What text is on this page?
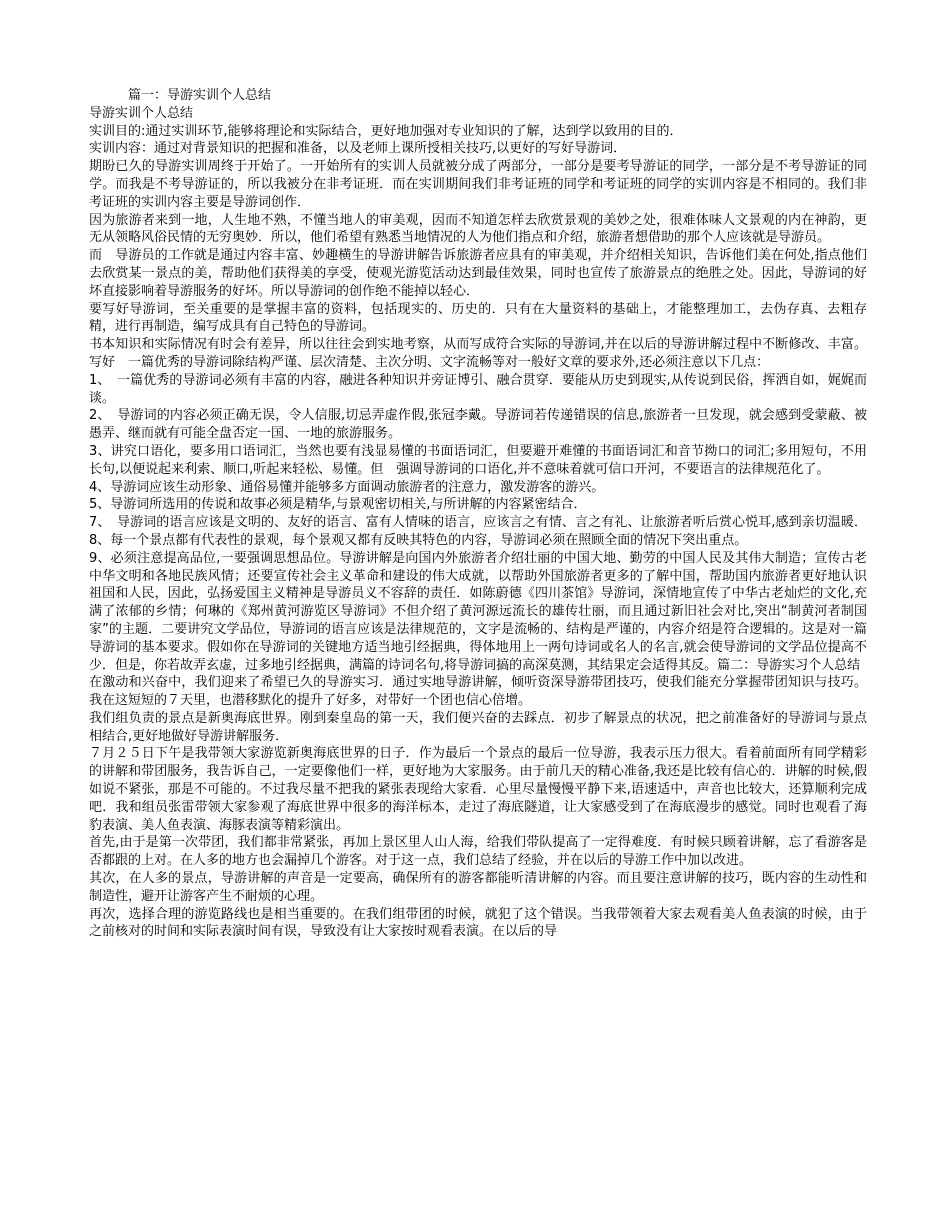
篇一：导游实训个人总结

导游实训个人总结

实训目的:通过实训环节,能够将理论和实际结合，更好地加强对专业知识的了解，达到学以致用的目的．

实训内容：通过对背景知识的把握和准备，以及老师上课所授相关技巧,以更好的写好导游词．

期盼已久的导游实训周终于开始了。一开始所有的实训人员就被分成了两部分，一部分是要考导游证的同学，一部分是不考导游证的同学。而我是不考导游证的，所以我被分在非考证班．而在实训期间我们非考证班的同学和考证班的同学的实训内容是不相同的。我们非考证班的实训内容主要是导游词创作．

因为旅游者来到一地，人生地不熟，不懂当地人的审美观，因而不知道怎样去欣赏景观的美妙之处，很难体味人文景观的内在神韵，更无从领略风俗民情的无穷奥妙．所以，他们希望有熟悉当地情况的人为他们指点和介绍，旅游者想借助的那个人应该就是导游员。

而　导游员的工作就是通过内容丰富、妙趣横生的导游讲解告诉旅游者应具有的审美观，并介绍相关知识，告诉他们美在何处,指点他们去欣赏某一景点的美，帮助他们获得美的享受，使观光游览活动达到最佳效果，同时也宣传了旅游景点的绝胜之处。因此，导游词的好坏直接影响着导游服务的好坏。所以导游词的创作绝不能掉以轻心．

要写好导游词，至关重要的是掌握丰富的资料，包括现实的、历史的．只有在大量资料的基础上，才能整理加工，去伪存真、去粗存精，进行再制造，编写成具有自己特色的导游词。

书本知识和实际情况有时会有差异，所以往往会到实地考察，从而写成符合实际的导游词,并在以后的导游讲解过程中不断修改、丰富。写好　一篇优秀的导游词除结构严谨、层次清楚、主次分明、文字流畅等对一般好文章的要求外,还必须注意以下几点：

1、　一篇优秀的导游词必须有丰富的内容，融进各种知识并旁证博引、融合贯穿．要能从历史到现实,从传说到民俗，挥洒自如，娓娓而谈。

2、　导游词的内容必须正确无误，令人信服,切忌弄虚作假,张冠李戴。导游词若传递错误的信息,旅游者一旦发现，就会感到受蒙蔽、被愚弄、继而就有可能全盘否定一国、一地的旅游服务。

3、讲究口语化，要多用口语词汇，当然也要有浅显易懂的书面语词汇，但要避开难懂的书面语词汇和音节拗口的词汇;多用短句，不用长句,以便说起来利索、顺口,听起来轻松、易懂。但　强调导游词的口语化,并不意味着就可信口开河，不要语言的法律规范化了。

4、导游词应该生动形象、通俗易懂并能够多方面调动旅游者的注意力，激发游客的游兴。

5、导游词所选用的传说和故事必须是精华,与景观密切相关,与所讲解的内容紧密结合．

7、　导游词的语言应该是文明的、友好的语言、富有人情味的语言，应该言之有情、言之有礼、让旅游者听后赏心悦耳,感到亲切温暖．8、每一个景点都有代表性的景观，每个景观又都有反映其特色的内容，导游词必须在照顾全面的情况下突出重点。

9、必须注意提高品位,一要强调思想品位。导游讲解是向国内外旅游者介绍壮丽的中国大地、勤劳的中国人民及其伟大制造；宣传古老中华文明和各地民族风情；还要宣传社会主义革命和建设的伟大成就，以帮助外国旅游者更多的了解中国，帮助国内旅游者更好地认识祖国和人民，因此，弘扬爱国主义精神是导游员义不容辞的责任．如陈蔚德《四川茶馆》导游词，深情地宣传了中华古老灿烂的文化,充满了浓郁的乡情；何琳的《郑州黄河游览区导游词》不但介绍了黄河源远流长的雄传壮丽，而且通过新旧社会对比,突出“制黄河者制国家”的主题．二要讲究文学品位，导游词的语言应该是法律规范的，文字是流畅的、结构是严谨的，内容介绍是符合逻辑的。这是对一篇导游词的基本要求。假如你在导游词的关键地方适当地引经据典，得体地用上一两句诗词或名人的名言,就会使导游词的文学品位提高不少．但是，你若故弄玄虚，过多地引经据典，满篇的诗词名句,将导游词搞的高深莫测，其结果定会适得其反。篇二：导游实习个人总结

在激动和兴奋中，我们迎来了希望已久的导游实习．通过实地导游讲解，倾听资深导游带团技巧，使我们能充分掌握带团知识与技巧。我在这短短的７天里，也潜移默化的提升了好多，对带好一个团也信心倍增。

我们组负责的景点是新奥海底世界。刚到秦皇岛的第一天，我们便兴奋的去踩点．初步了解景点的状况，把之前准备好的导游词与景点相结合,更好地做好导游讲解服务．

７月２５日下午是我带领大家游览新奥海底世界的日子．作为最后一个景点的最后一位导游，我表示压力很大。看着前面所有同学精彩的讲解和带团服务，我告诉自己，一定要像他们一样，更好地为大家服务。由于前几天的精心准备,我还是比较有信心的．讲解的时候,假如说不紧张，那是不可能的。不过我尽量不把我的紧张表现给大家看．心里尽量慢慢平静下来,语速适中，声音也比较大，还算顺利完成吧．我和组员张雷带领大家参观了海底世界中很多的海洋标本，走过了海底隧道，让大家感受到了在海底漫步的感觉。同时也观看了海豹表演、美人鱼表演、海豚表演等精彩演出。

首先,由于是第一次带团，我们都非常紧张，再加上景区里人山人海，给我们带队提高了一定得难度．有时候只顾着讲解，忘了看游客是否都跟的上对。在人多的地方也会漏掉几个游客。对于这一点，我们总结了经验，并在以后的导游工作中加以改进。

其次，在人多的景点，导游讲解的声音是一定要高，确保所有的游客都能听清讲解的内容。而且要注意讲解的技巧，既内容的生动性和制造性，避开让游客产生不耐烦的心理。

再次，选择合理的游览路线也是相当重要的。在我们组带团的时候，就犯了这个错误。当我带领着大家去观看美人鱼表演的时候，由于之前核对的时间和实际表演时间有误，导致没有让大家按时观看表演。在以后的导
